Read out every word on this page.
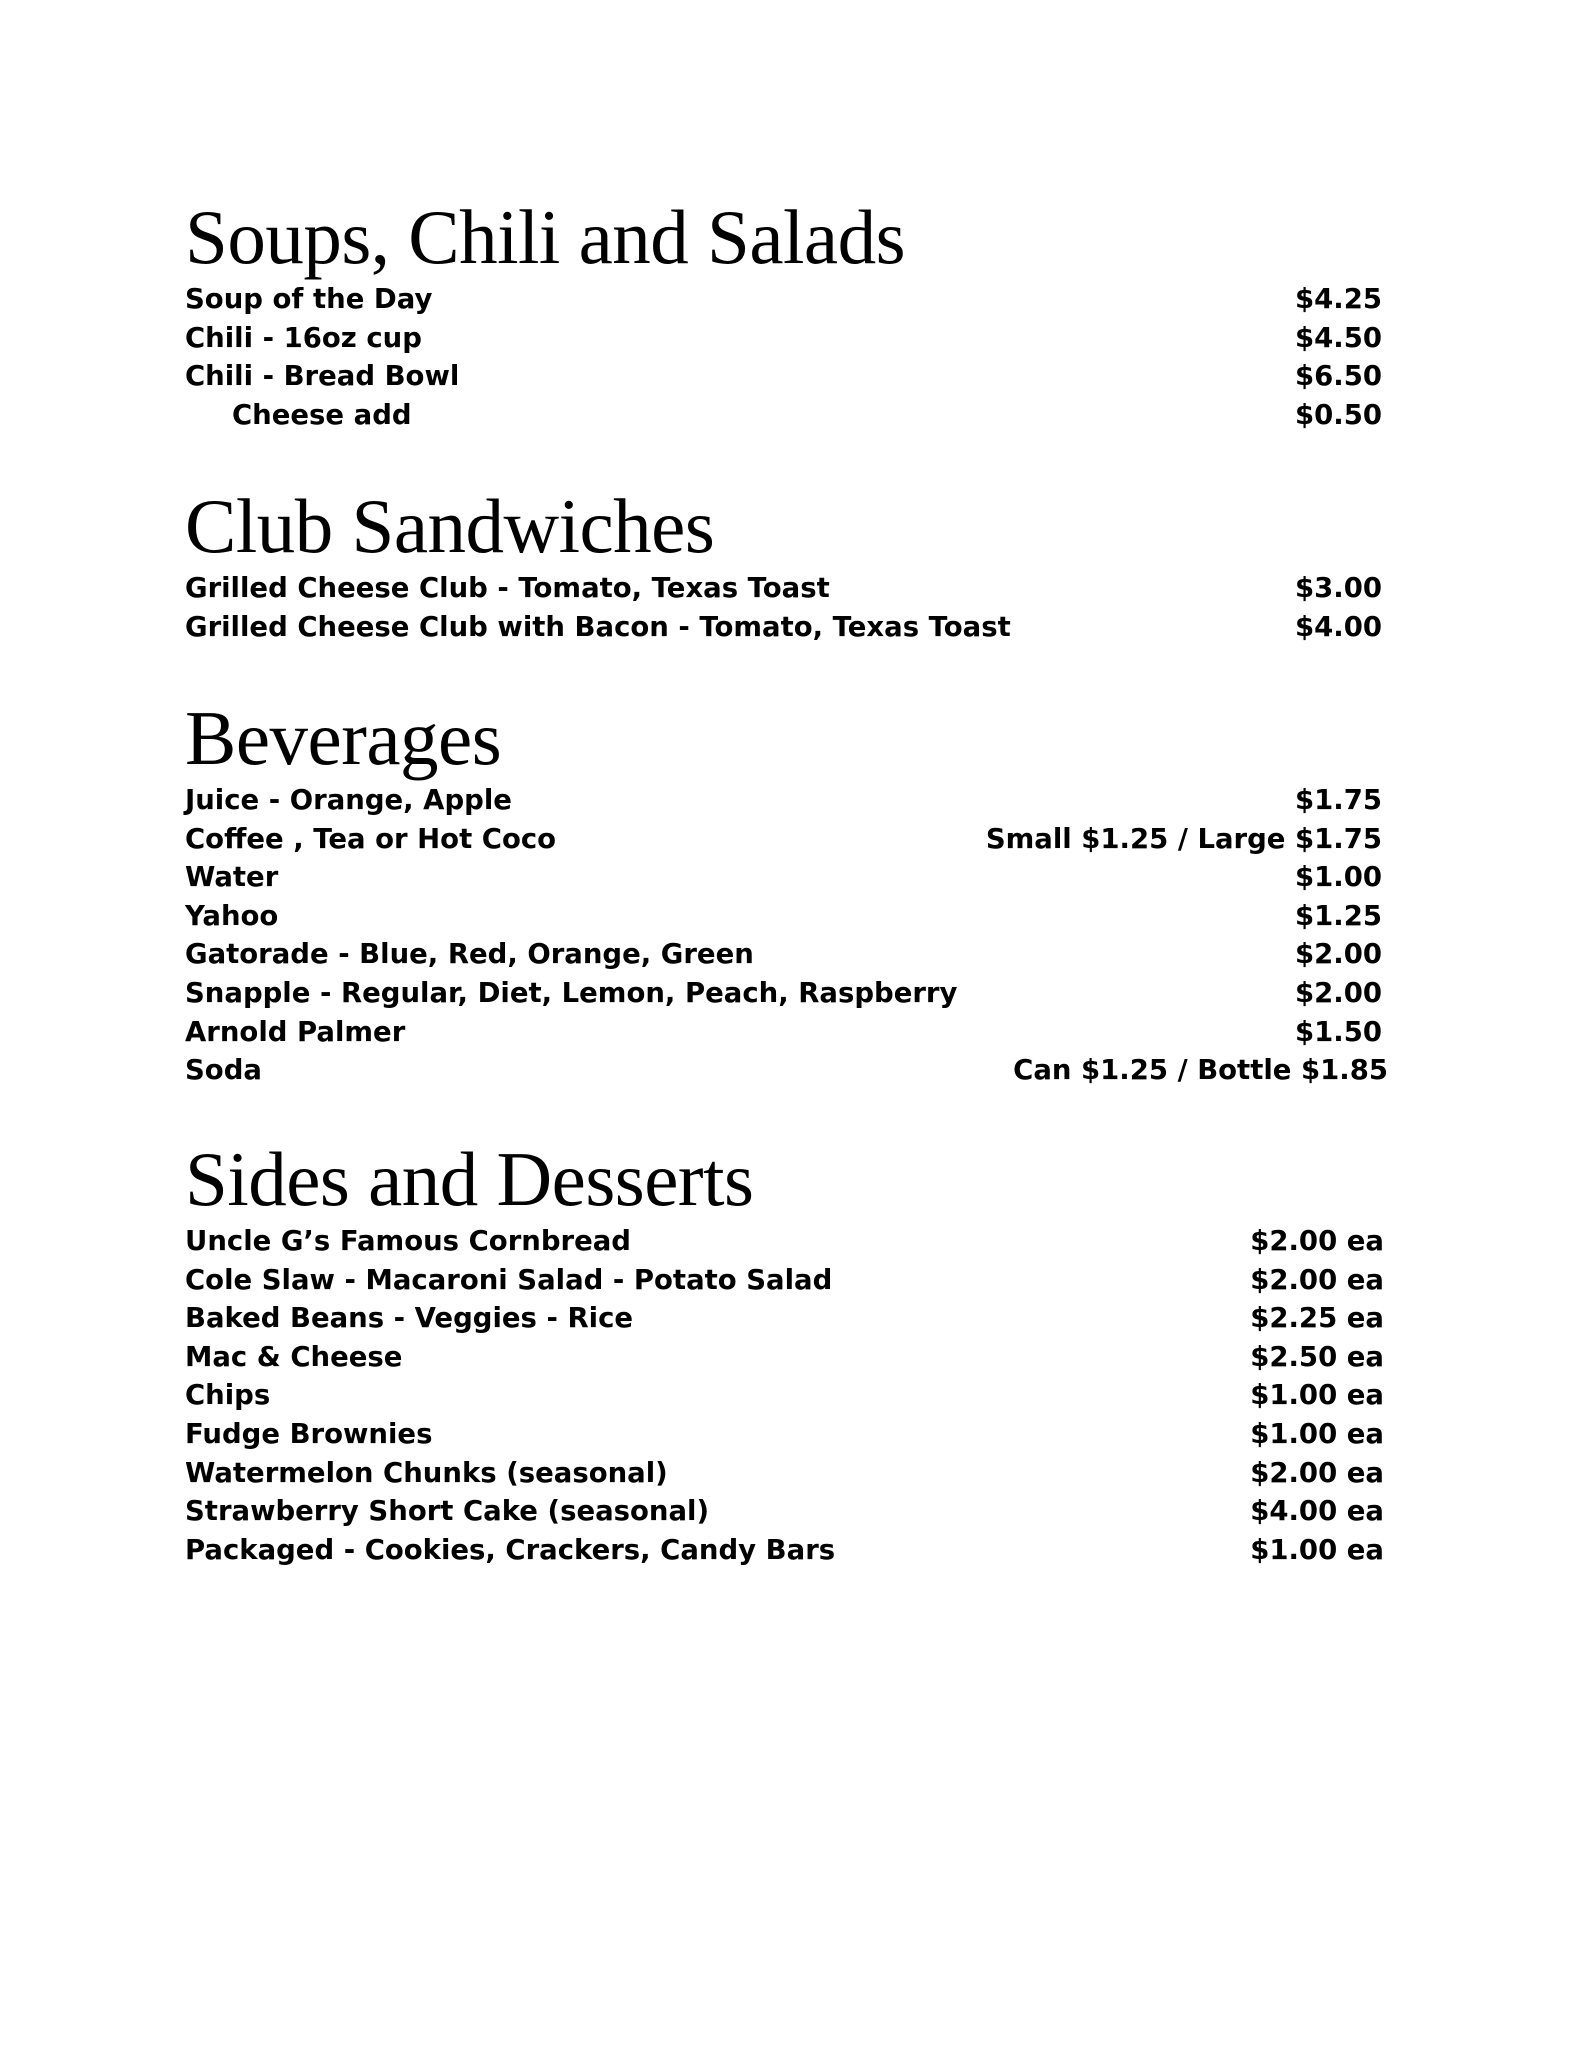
Soups, Chili and Salads
Soup of the Day	$4.25
Chili - 16oz cup	$4.50
Chili - Bread Bowl	$6.50
Cheese add	$0.50
Club Sandwiches
Grilled Cheese Club - Tomato, Texas Toast	$3.00
Grilled Cheese Club with Bacon - Tomato, Texas Toast	$4.00
Beverages
Juice - Orange, Apple	$1.75
Coffee , Tea or Hot Coco	Small $1.25 / Large $1.75
Water	$1.00
Yahoo	$1.25
Gatorade - Blue, Red, Orange, Green	$2.00
Snapple - Regular, Diet, Lemon, Peach, Raspberry	$2.00
Arnold Palmer	$1.50
Soda	Can $1.25 / Bottle $1.85
Sides and Desserts
Uncle G’s Famous Cornbread	$2.00 ea
Cole Slaw - Macaroni Salad - Potato Salad	$2.00 ea
Baked Beans - Veggies - Rice	$2.25 ea
Mac & Cheese	$2.50 ea
Chips	$1.00 ea
Fudge Brownies	$1.00 ea
Watermelon Chunks (seasonal)	$2.00 ea
Strawberry Short Cake (seasonal)	$4.00 ea
Packaged - Cookies, Crackers, Candy Bars	$1.00 ea
